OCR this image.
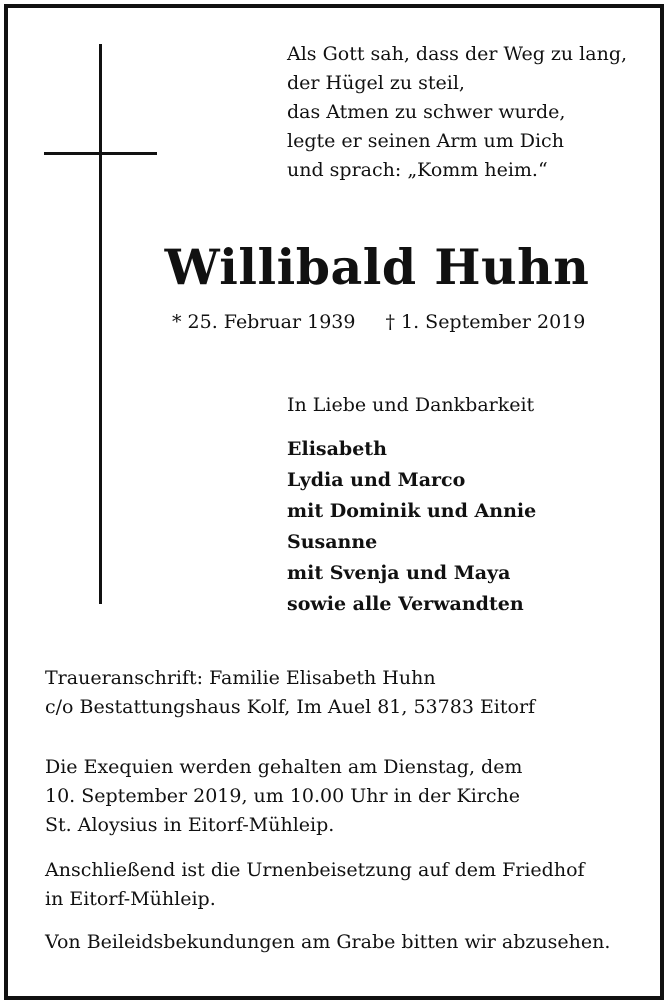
Als Gott sah, dass der Weg zu lang,
der Hügel zu steil,
das Atmen zu schwer wurde,
legte er seinen Arm um Dich
und sprach: „Komm heim.“
Willibald Huhn
* 25. Februar 1939 † 1. September 2019
In Liebe und Dankbarkeit
Elisabeth
Lydia und Marco
mit Dominik und Annie
Susanne
mit Svenja und Maya
sowie alle Verwandten
Traueranschrift: Familie Elisabeth Huhn
c/o Bestattungshaus Kolf, Im Auel 81, 53783 Eitorf
Die Exequien werden gehalten am Dienstag, dem
10. September 2019, um 10.00 Uhr in der Kirche
St. Aloysius in Eitorf-Mühleip.
Anschließend ist die Urnenbeisetzung auf dem Friedhof
in Eitorf-Mühleip.
Von Beileidsbekundungen am Grabe bitten wir abzusehen.
